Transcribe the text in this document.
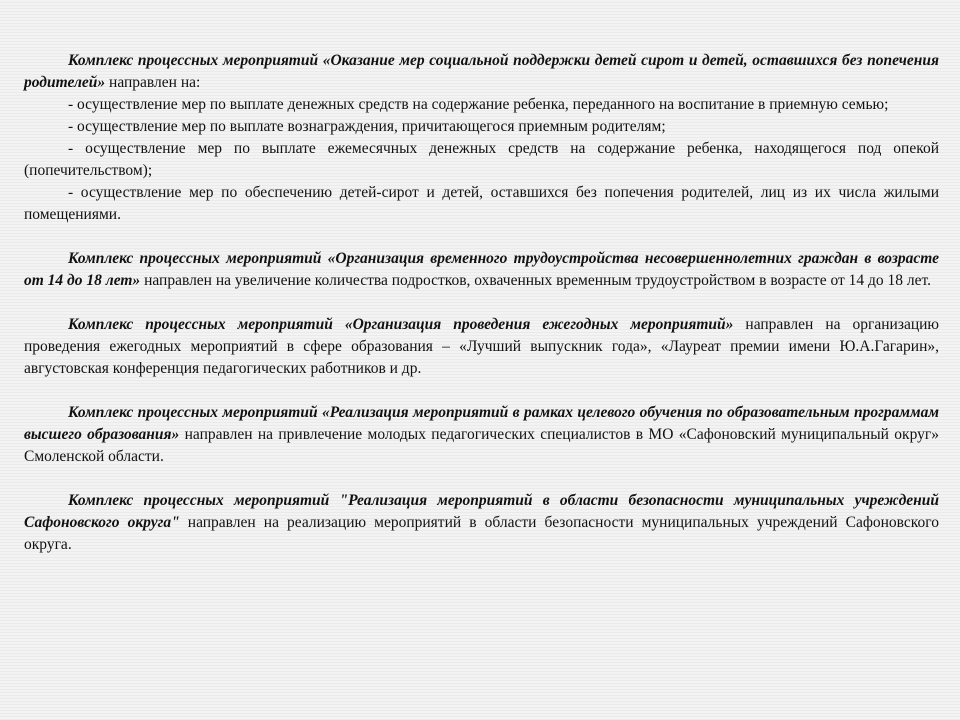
Комплекс процессных мероприятий «Оказание мер социальной поддержки детей сирот и детей, оставшихся без попечения родителей» направлен на:

- осуществление мер по выплате денежных средств на содержание ребенка, переданного на воспитание в приемную семью;

- осуществление мер по выплате вознаграждения, причитающегося приемным родителям;

- осуществление мер по выплате ежемесячных денежных средств на содержание ребенка, находящегося под опекой (попечительством);

- осуществление мер по обеспечению детей-сирот и детей, оставшихся без попечения родителей, лиц из их числа жилыми помещениями.

Комплекс процессных мероприятий «Организация временного трудоустройства несовершеннолетних граждан в возрасте от 14 до 18 лет» направлен на увеличение количества подростков, охваченных временным трудоустройством в возрасте от 14 до 18 лет.

Комплекс процессных мероприятий «Организация проведения ежегодных мероприятий» направлен на организацию проведения ежегодных мероприятий в сфере образования – «Лучший выпускник года», «Лауреат премии имени Ю.А.Гагарин», августовская конференция педагогических работников и др.

Комплекс процессных мероприятий «Реализация мероприятий в рамках целевого обучения по образовательным программам высшего образования» направлен на привлечение молодых педагогических специалистов в МО «Сафоновский муниципальный округ» Смоленской области.

Комплекс процессных мероприятий "Реализация мероприятий в области безопасности муниципальных учреждений Сафоновского округа" направлен на реализацию мероприятий в области безопасности муниципальных учреждений Сафоновского округа.
